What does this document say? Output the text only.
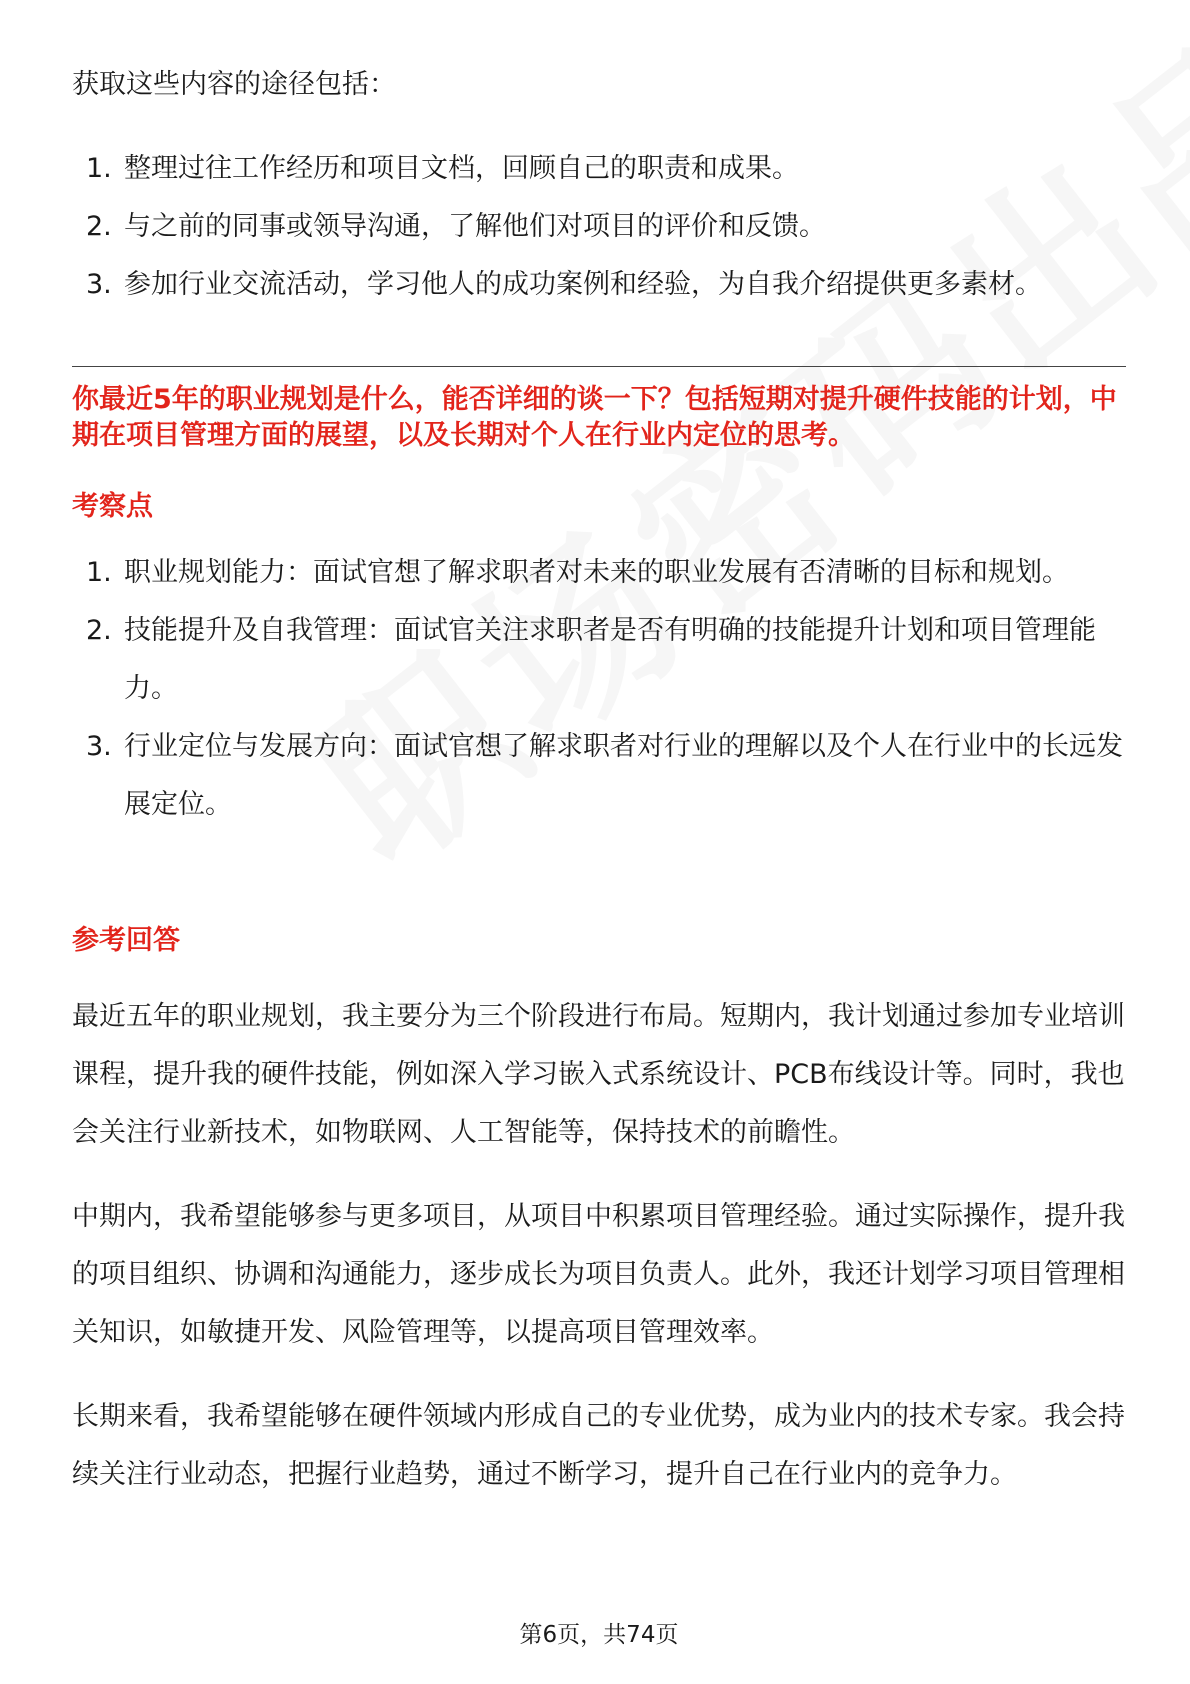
获取这些内容的途径包括：
1. 整理过往工作经历和项目文档，回顾自己的职责和成果。
2. 与之前的同事或领导沟通，了解他们对项目的评价和反馈。
3. 参加行业交流活动，学习他人的成功案例和经验，为自我介绍提供更多素材。
你最近5年的职业规划是什么，能否详细的谈一下？包括短期对提升硬件技能的计划，中期在项目管理方面的展望，以及长期对个人在行业内定位的思考。
考察点
1. 职业规划能力：面试官想了解求职者对未来的职业发展有否清晰的目标和规划。
2. 技能提升及自我管理：面试官关注求职者是否有明确的技能提升计划和项目管理能力。
3. 行业定位与发展方向：面试官想了解求职者对行业的理解以及个人在行业中的长远发展定位。
参考回答
最近五年的职业规划，我主要分为三个阶段进行布局。短期内，我计划通过参加专业培训课程，提升我的硬件技能，例如深入学习嵌入式系统设计、PCB布线设计等。同时，我也会关注行业新技术，如物联网、人工智能等，保持技术的前瞻性。
中期内，我希望能够参与更多项目，从项目中积累项目管理经验。通过实际操作，提升我的项目组织、协调和沟通能力，逐步成长为项目负责人。此外，我还计划学习项目管理相关知识，如敏捷开发、风险管理等，以提高项目管理效率。
长期来看，我希望能够在硬件领域内形成自己的专业优势，成为业内的技术专家。我会持续关注行业动态，把握行业趋势，通过不断学习，提升自己在行业内的竞争力。
第6页，共74页
